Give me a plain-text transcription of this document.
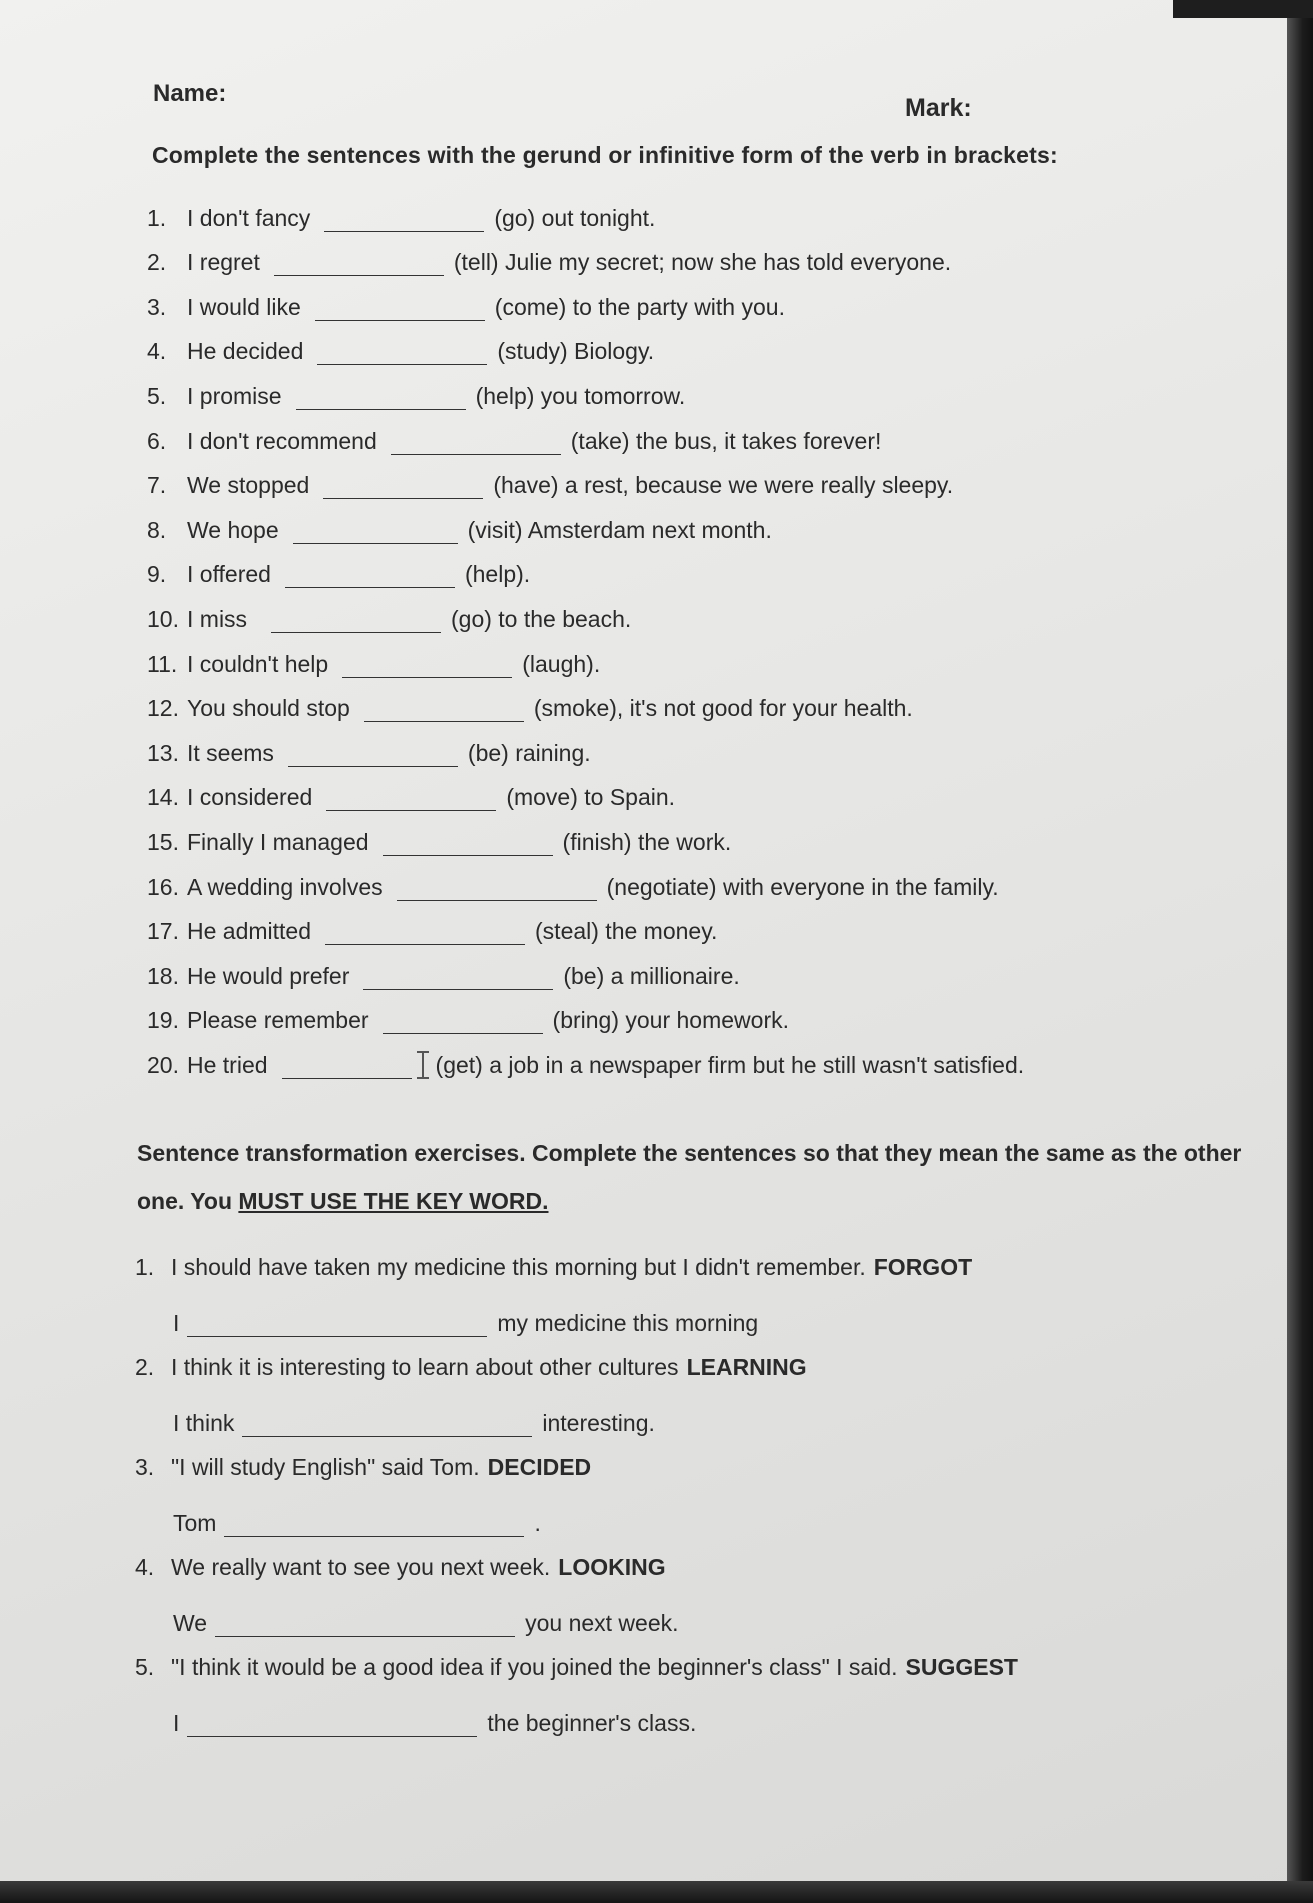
Name:
Mark:
Complete the sentences with the gerund or infinitive form of the verb in brackets:
1. I don't fancy	(go) out tonight.
2. I regret	(tell) Julie my secret; now she has told everyone.
3. I would like	(come) to the party with you.
4. He decided	(study) Biology.
5. I promise	(help) you tomorrow.
6. I don't recommend	(take) the bus, it takes forever!
7. We stopped	(have) a rest, because we were really sleepy.
8. We hope	(visit) Amsterdam next month.
9. I offered	(help).
10. I miss	(go) to the beach.
11. I couldn't help	(laugh).
12. You should stop	(smoke), it's not good for your health.
13. It seems	(be) raining.
14. I considered	(move) to Spain.
15. Finally I managed	(finish) the work.
16. A wedding involves	(negotiate) with everyone in the family.
17. He admitted	(steal) the money.
18. He would prefer	(be) a millionaire.
19. Please remember	(bring) your homework.
20. He tried	(get) a job in a newspaper firm but he still wasn't satisfied.
Sentence transformation exercises. Complete the sentences so that they mean the same as the other one. You MUST USE THE KEY WORD.
1. I should have taken my medicine this morning but I didn't remember. FORGOT
I	my medicine this morning
2. I think it is interesting to learn about other cultures LEARNING
I think	interesting.
3. "I will study English" said Tom. DECIDED
Tom	.
4. We really want to see you next week. LOOKING
We	you next week.
5. "I think it would be a good idea if you joined the beginner's class" I said. SUGGEST
I	the beginner's class.
